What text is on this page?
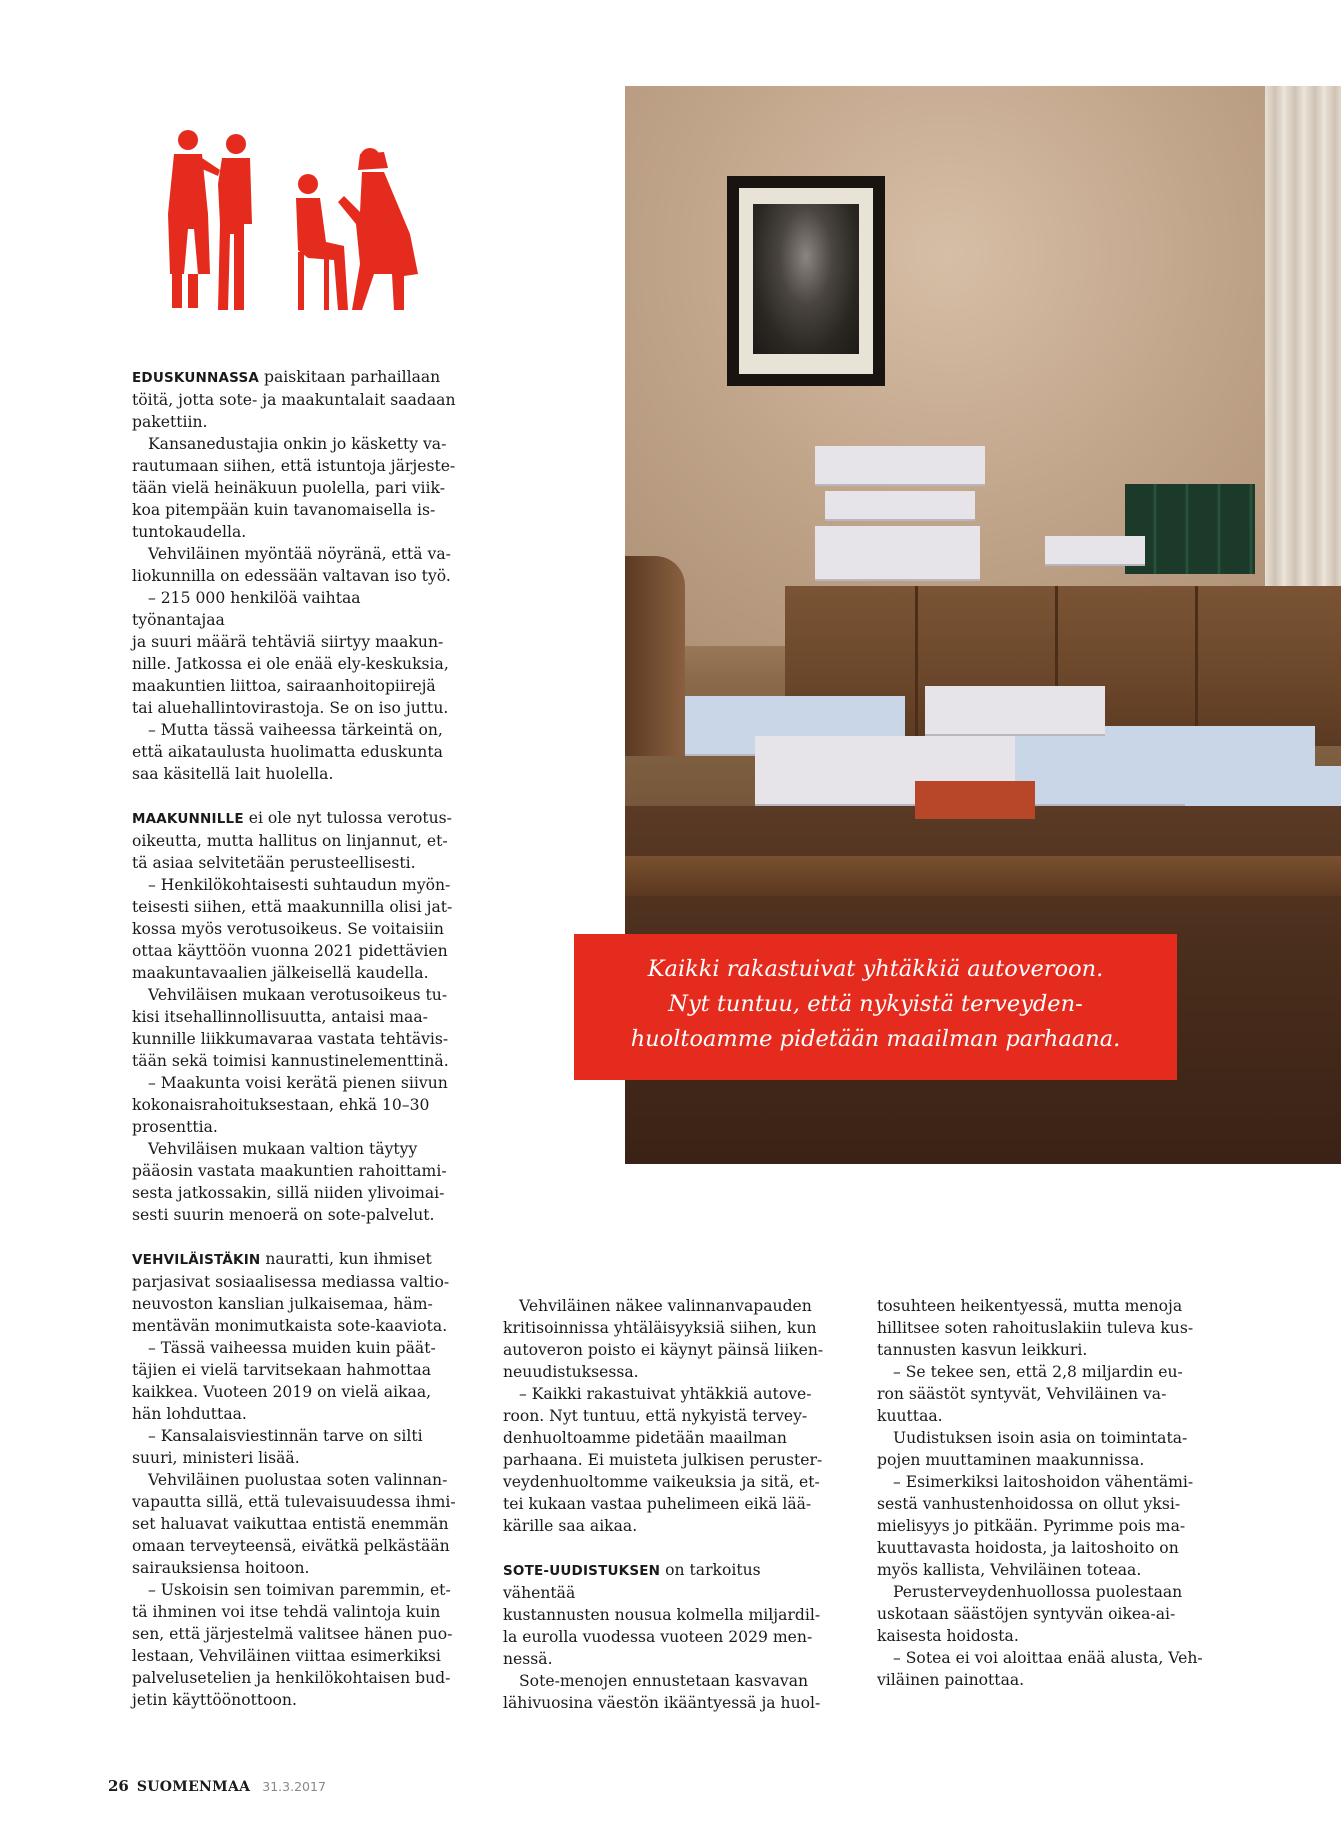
Kaikki rakastuivat yhtäkkiä autoveroon.
Nyt tuntuu, että nykyistä terveyden-
huoltoamme pidetään maailman parhaana.

EDUSKUNNASSA paiskitaan parhaillaan
töitä, jotta sote- ja maakuntalait saadaan
pakettiin.

Kansanedustajia onkin jo käsketty va-
rautumaan siihen, että istuntoja järjeste-
tään vielä heinäkuun puolella, pari viik-
koa pitempään kuin tavanomaisella is-
tuntokaudella.

Vehviläinen myöntää nöyränä, että va-
liokunnilla on edessään valtavan iso työ.

– 215 000 henkilöä vaihtaa työnantajaa
ja suuri määrä tehtäviä siirtyy maakun-
nille. Jatkossa ei ole enää ely-keskuksia,
maakuntien liittoa, sairaanhoitopiirejä
tai aluehallintovirastoja. Se on iso juttu.

– Mutta tässä vaiheessa tärkeintä on,
että aikataulusta huolimatta eduskunta
saa käsitellä lait huolella.

MAAKUNNILLE ei ole nyt tulossa verotus-
oikeutta, mutta hallitus on linjannut, et-
tä asiaa selvitetään perusteellisesti.

– Henkilökohtaisesti suhtaudun myön-
teisesti siihen, että maakunnilla olisi jat-
kossa myös verotusoikeus. Se voitaisiin
ottaa käyttöön vuonna 2021 pidettävien
maakuntavaalien jälkeisellä kaudella.

Vehviläisen mukaan verotusoikeus tu-
kisi itsehallinnollisuutta, antaisi maa-
kunnille liikkumavaraa vastata tehtävis-
tään sekä toimisi kannustinelementtinä.

– Maakunta voisi kerätä pienen siivun
kokonaisrahoituksestaan, ehkä 10–30
prosenttia.

Vehviläisen mukaan valtion täytyy
pääosin vastata maakuntien rahoittami-
sesta jatkossakin, sillä niiden ylivoimai-
sesti suurin menoerä on sote-palvelut.

VEHVILÄISTÄKIN nauratti, kun ihmiset
parjasivat sosiaalisessa mediassa valtio-
neuvoston kanslian julkaisemaa, häm-
mentävän monimutkaista sote-kaaviota.

– Tässä vaiheessa muiden kuin päät-
täjien ei vielä tarvitsekaan hahmottaa
kaikkea. Vuoteen 2019 on vielä aikaa,
hän lohduttaa.

– Kansalaisviestinnän tarve on silti
suuri, ministeri lisää.

Vehviläinen puolustaa soten valinnan-
vapautta sillä, että tulevaisuudessa ihmi-
set haluavat vaikuttaa entistä enemmän
omaan terveyteensä, eivätkä pelkästään
sairauksiensa hoitoon.

– Uskoisin sen toimivan paremmin, et-
tä ihminen voi itse tehdä valintoja kuin
sen, että järjestelmä valitsee hänen puo-
lestaan, Vehviläinen viittaa esimerkiksi
palvelusetelien ja henkilökohtaisen bud-
jetin käyttöönottoon.

Vehviläinen näkee valinnanvapauden
kritisoinnissa yhtäläisyyksiä siihen, kun
autoveron poisto ei käynyt päinsä liiken-
neuudistuksessa.

– Kaikki rakastuivat yhtäkkiä autove-
roon. Nyt tuntuu, että nykyistä tervey-
denhuoltoamme pidetään maailman
parhaana. Ei muisteta julkisen peruster-
veydenhuoltomme vaikeuksia ja sitä, et-
tei kukaan vastaa puhelimeen eikä lää-
kärille saa aikaa.

SOTE-UUDISTUKSEN on tarkoitus vähentää
kustannusten nousua kolmella miljardil-
la eurolla vuodessa vuoteen 2029 men-
nessä.

Sote-menojen ennustetaan kasvavan
lähivuosina väestön ikääntyessä ja huol-

tosuhteen heikentyessä, mutta menoja
hillitsee soten rahoituslakiin tuleva kus-
tannusten kasvun leikkuri.

– Se tekee sen, että 2,8 miljardin eu-
ron säästöt syntyvät, Vehviläinen va-
kuuttaa.

Uudistuksen isoin asia on toimintata-
pojen muuttaminen maakunnissa.

– Esimerkiksi laitoshoidon vähentämi-
sestä vanhustenhoidossa on ollut yksi-
mielisyys jo pitkään. Pyrimme pois ma-
kuuttavasta hoidosta, ja laitoshoito on
myös kallista, Vehviläinen toteaa.

Perusterveydenhuollossa puolestaan
uskotaan säästöjen syntyvän oikea-ai-
kaisesta hoidosta.

– Sotea ei voi aloittaa enää alusta, Veh-
viläinen painottaa.

26 SUOMENMAA 31.3.2017
